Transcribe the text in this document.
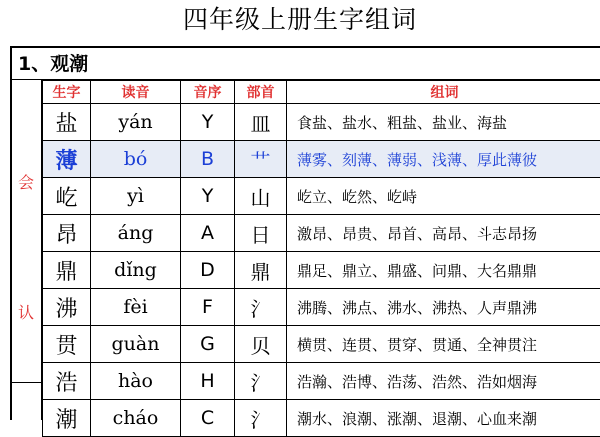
四年级上册生字组词
1、观潮
会
认
生字	读音	音序	部首	组词
盐	yán	Y	皿	食盐、盐水、粗盐、盐业、海盐
薄	bó	B	艹	薄雾、刻薄、薄弱、浅薄、厚此薄彼
屹	yì	Y	山	屹立、屹然、屹峙
昂	áng	A	日	激昂、昂贵、昂首、高昂、斗志昂扬
鼎	dǐng	D	鼎	鼎足、鼎立、鼎盛、问鼎、大名鼎鼎
沸	fèi	F	氵	沸腾、沸点、沸水、沸热、人声鼎沸
贯	guàn	G	贝	横贯、连贯、贯穿、贯通、全神贯注
浩	hào	H	氵	浩瀚、浩博、浩荡、浩然、浩如烟海
潮	cháo	C	氵	潮水、浪潮、涨潮、退潮、心血来潮
